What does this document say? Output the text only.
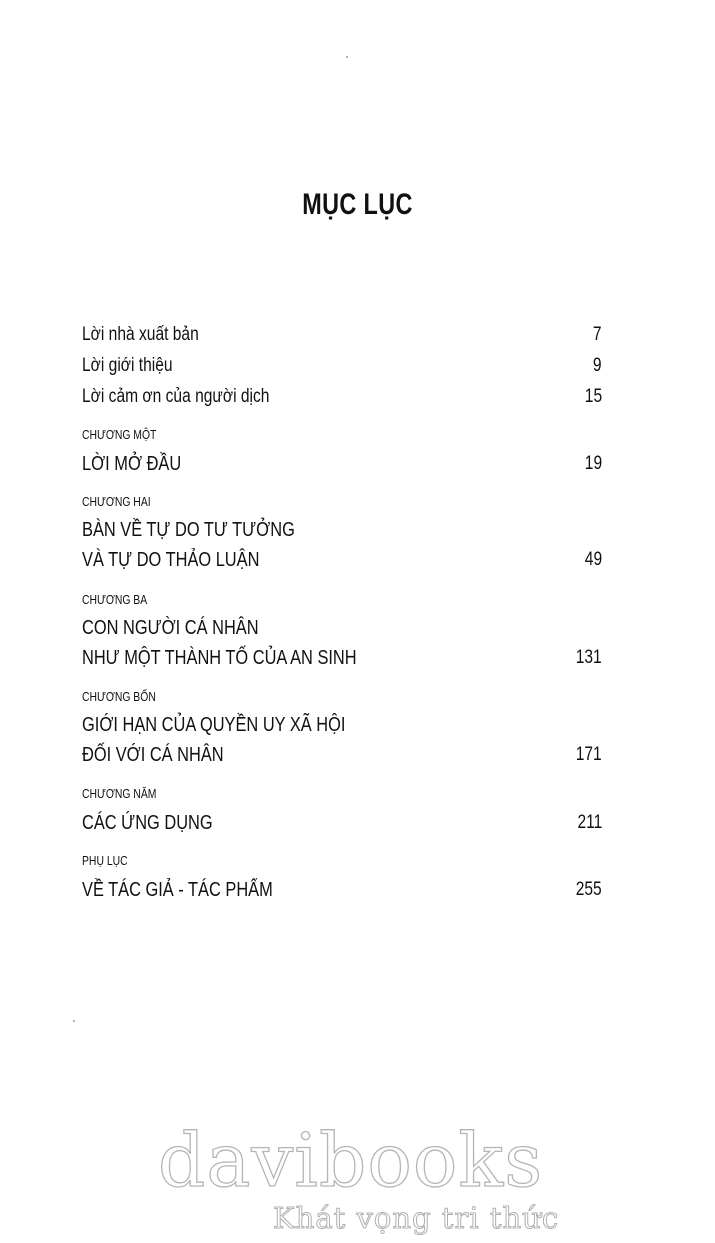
MỤC LỤC
Lời nhà xuất bản	7
Lời giới thiệu	9
Lời cảm ơn của người dịch	15
CHƯƠNG MỘT
LỜI MỞ ĐẦU	19
CHƯƠNG HAI
BÀN VỀ TỰ DO TƯ TƯỞNG
VÀ TỰ DO THẢO LUẬN	49
CHƯƠNG BA
CON NGƯỜI CÁ NHÂN
NHƯ MỘT THÀNH TỐ CỦA AN SINH	131
CHƯƠNG BỐN
GIỚI HẠN CỦA QUYỀN UY XÃ HỘI
ĐỐI VỚI CÁ NHÂN	171
CHƯƠNG NĂM
CÁC ỨNG DỤNG	211
PHỤ LỤC
VỀ TÁC GIẢ - TÁC PHẨM	255
davibooks
Khát vọng tri thức
